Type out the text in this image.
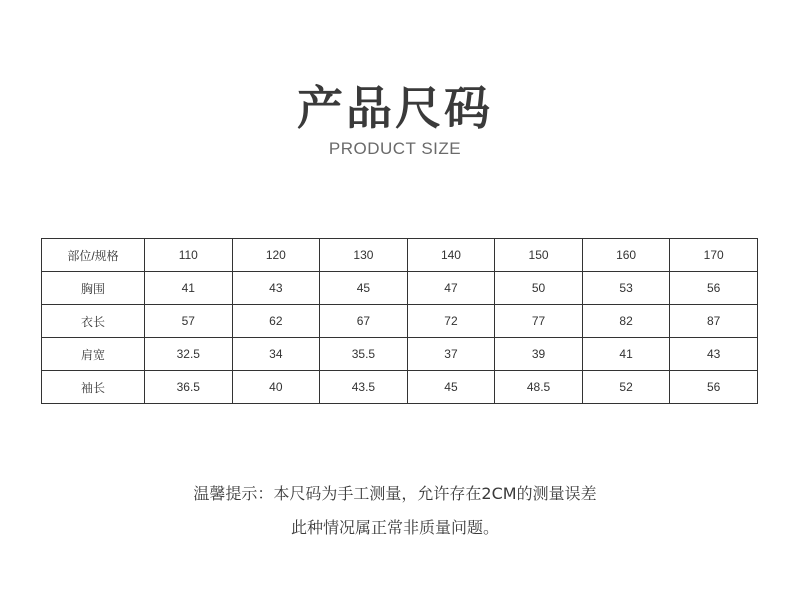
产品尺码
PRODUCT SIZE
部位/规格	110	120	130	140	150	160	170
胸围	41	43	45	47	50	53	56
衣长	57	62	67	72	77	82	87
肩宽	32.5	34	35.5	37	39	41	43
袖长	36.5	40	43.5	45	48.5	52	56
温馨提示：本尺码为手工测量，允许存在2CM的测量误差
此种情况属正常非质量问题。
